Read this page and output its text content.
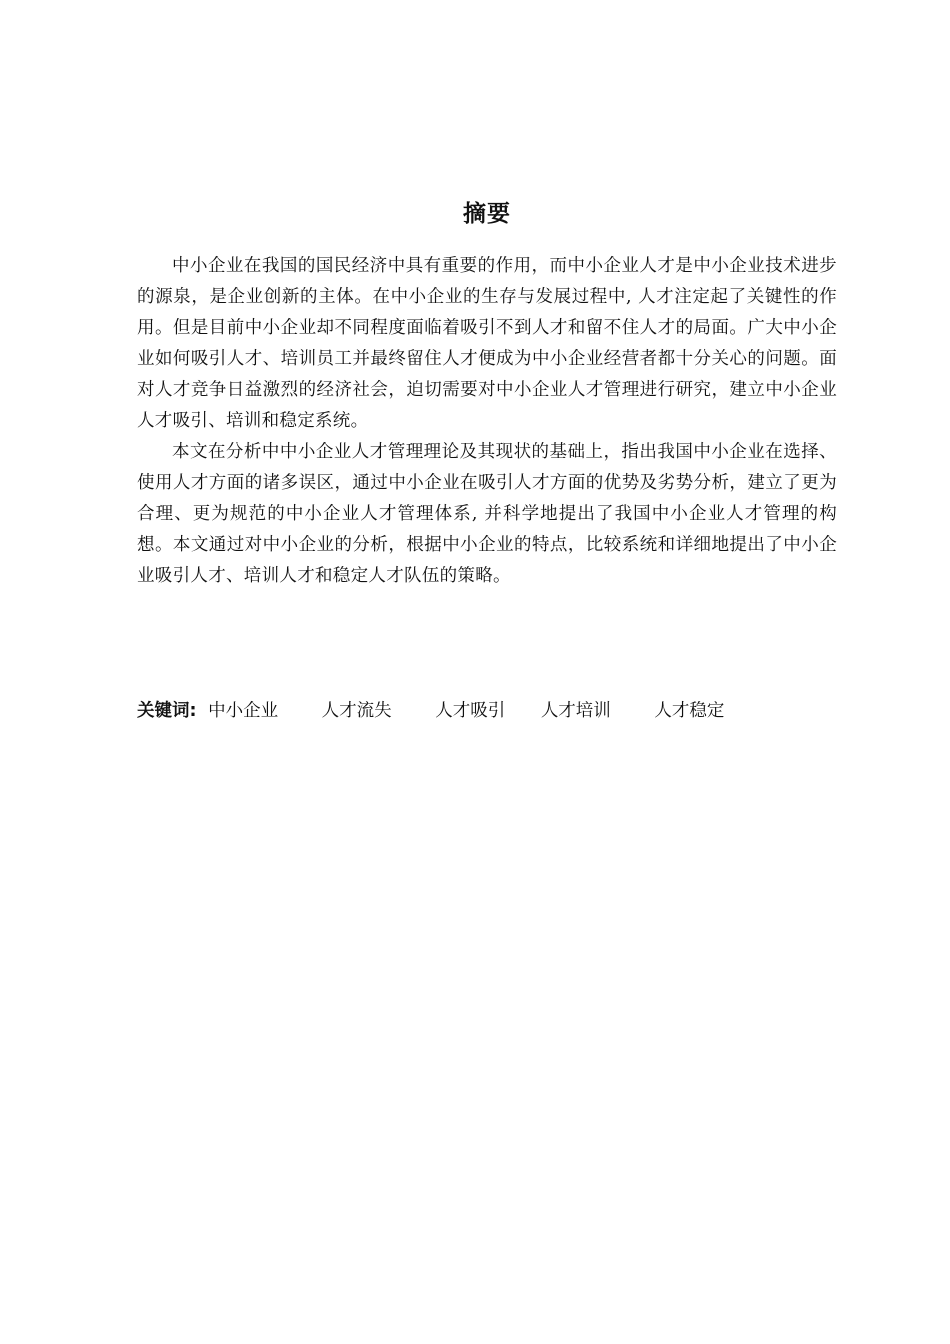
摘要

中小企业在我国的国民经济中具有重要的作用，而中小企业人才是中小企业技术进步的源泉，是企业创新的主体。在中小企业的生存与发展过程中, 人才注定起了关键性的作用。但是目前中小企业却不同程度面临着吸引不到人才和留不住人才的局面。广大中小企业如何吸引人才、培训员工并最终留住人才便成为中小企业经营者都十分关心的问题。面对人才竞争日益激烈的经济社会，迫切需要对中小企业人才管理进行研究，建立中小企业人才吸引、培训和稳定系统。

本文在分析中中小企业人才管理理论及其现状的基础上，指出我国中小企业在选择、使用人才方面的诸多误区，通过中小企业在吸引人才方面的优势及劣势分析，建立了更为合理、更为规范的中小企业人才管理体系, 并科学地提出了我国中小企业人才管理的构想。本文通过对中小企业的分析，根据中小企业的特点，比较系统和详细地提出了中小企业吸引人才、培训人才和稳定人才队伍的策略。

关键词: 中小企业 人才流失 人才吸引 人才培训 人才稳定
